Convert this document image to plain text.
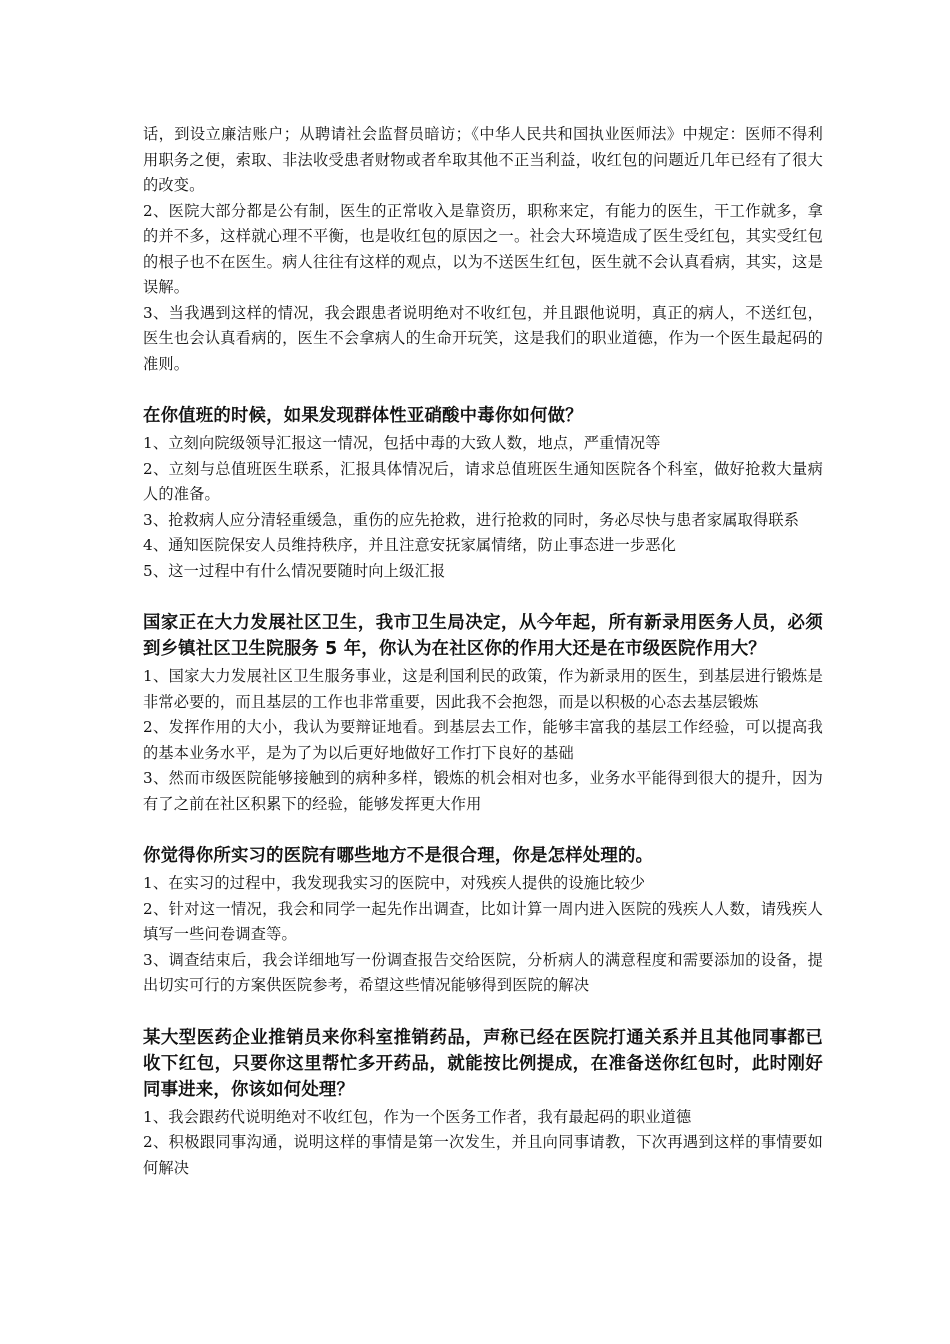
话，到设立廉洁账户；从聘请社会监督员暗访；《中华人民共和国执业医师法》中规定：医师不得利用职务之便，索取、非法收受患者财物或者牟取其他不正当利益，收红包的问题近几年已经有了很大的改变。

2、医院大部分都是公有制，医生的正常收入是靠资历，职称来定，有能力的医生，干工作就多，拿的并不多，这样就心理不平衡，也是收红包的原因之一。社会大环境造成了医生受红包，其实受红包的根子也不在医生。病人往往有这样的观点，以为不送医生红包，医生就不会认真看病，其实，这是误解。

3、当我遇到这样的情况，我会跟患者说明绝对不收红包，并且跟他说明，真正的病人，不送红包，医生也会认真看病的，医生不会拿病人的生命开玩笑，这是我们的职业道德，作为一个医生最起码的准则。

在你值班的时候，如果发现群体性亚硝酸中毒你如何做？

1、立刻向院级领导汇报这一情况，包括中毒的大致人数，地点，严重情况等

2、立刻与总值班医生联系，汇报具体情况后，请求总值班医生通知医院各个科室，做好抢救大量病人的准备。

3、抢救病人应分清轻重缓急，重伤的应先抢救，进行抢救的同时，务必尽快与患者家属取得联系

4、通知医院保安人员维持秩序，并且注意安抚家属情绪，防止事态进一步恶化

5、这一过程中有什么情况要随时向上级汇报

国家正在大力发展社区卫生，我市卫生局决定，从今年起，所有新录用医务人员，必须到乡镇社区卫生院服务 5 年，你认为在社区你的作用大还是在市级医院作用大？

1、国家大力发展社区卫生服务事业，这是利国利民的政策，作为新录用的医生，到基层进行锻炼是非常必要的，而且基层的工作也非常重要，因此我不会抱怨，而是以积极的心态去基层锻炼

2、发挥作用的大小，我认为要辩证地看。到基层去工作，能够丰富我的基层工作经验，可以提高我的基本业务水平，是为了为以后更好地做好工作打下良好的基础

3、然而市级医院能够接触到的病种多样，锻炼的机会相对也多，业务水平能得到很大的提升，因为有了之前在社区积累下的经验，能够发挥更大作用

你觉得你所实习的医院有哪些地方不是很合理，你是怎样处理的。

1、在实习的过程中，我发现我实习的医院中，对残疾人提供的设施比较少

2、针对这一情况，我会和同学一起先作出调查，比如计算一周内进入医院的残疾人人数，请残疾人填写一些问卷调查等。

3、调查结束后，我会详细地写一份调查报告交给医院，分析病人的满意程度和需要添加的设备，提出切实可行的方案供医院参考，希望这些情况能够得到医院的解决

某大型医药企业推销员来你科室推销药品，声称已经在医院打通关系并且其他同事都已收下红包，只要你这里帮忙多开药品，就能按比例提成，在准备送你红包时，此时刚好同事进来，你该如何处理？

1、我会跟药代说明绝对不收红包，作为一个医务工作者，我有最起码的职业道德

2、积极跟同事沟通，说明这样的事情是第一次发生，并且向同事请教，下次再遇到这样的事情要如何解决
